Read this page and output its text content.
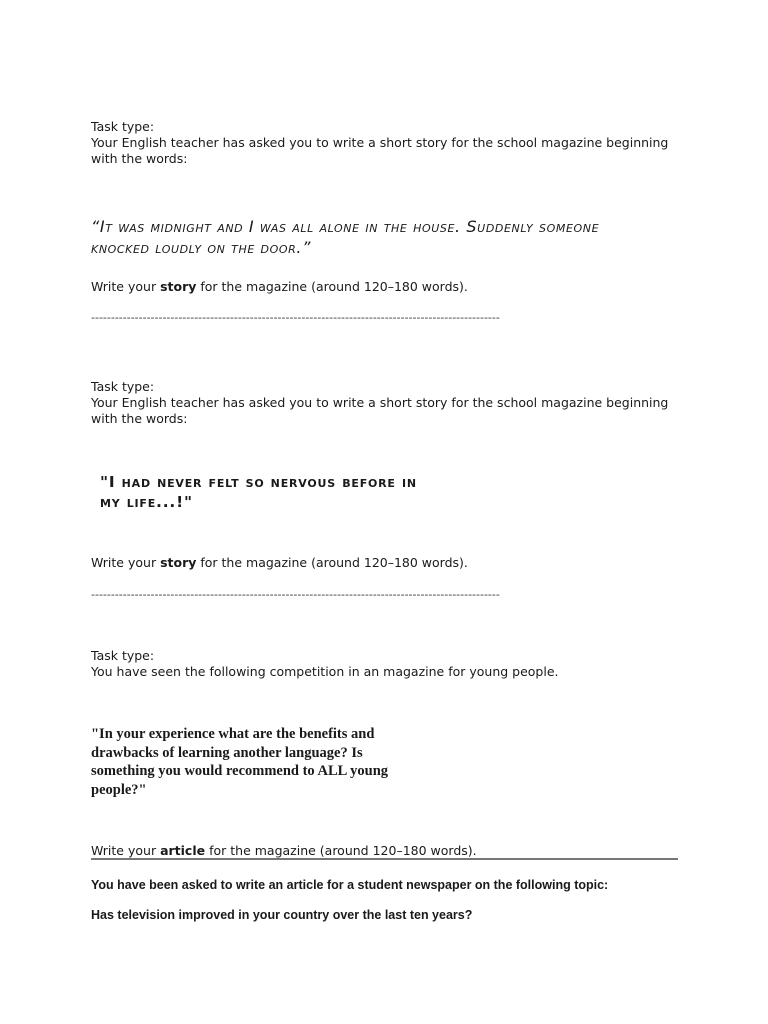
Task type:
Your English teacher has asked you to write a short story for the school magazine beginning
with the words:
“It was midnight and I was all alone in the house. Suddenly someone
knocked loudly on the door.”
Write your story for the magazine (around 120–180 words).
-------------------------------------------------------------------------------------------------------
Task type:
Your English teacher has asked you to write a short story for the school magazine beginning
with the words:
"I had never felt so nervous before in
my life...!"
Write your story for the magazine (around 120–180 words).
-------------------------------------------------------------------------------------------------------
Task type:
You have seen the following competition in an magazine for young people.
"In your experience what are the benefits and
drawbacks of learning another language? Is
something you would recommend to ALL young
people?"
Write your article for the magazine (around 120–180 words).
You have been asked to write an article for a student newspaper on the following topic:
Has television improved in your country over the last ten years?
